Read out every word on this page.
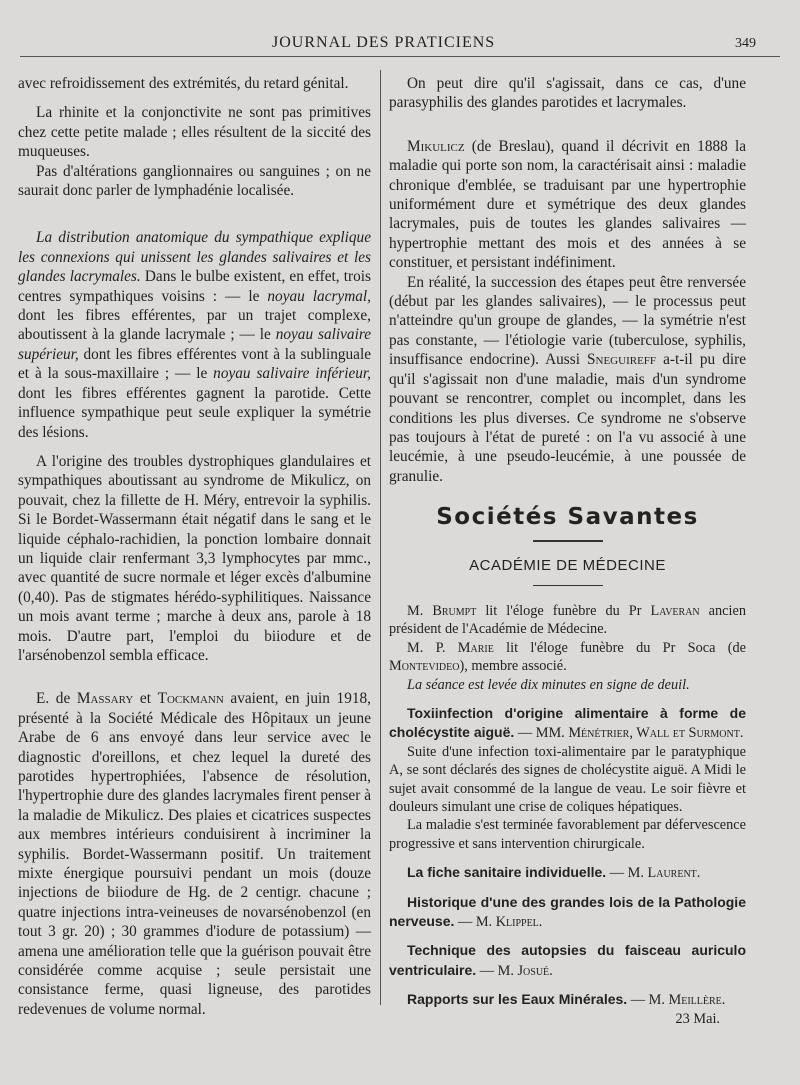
JOURNAL DES PRATICIENS	349

avec refroidissement des extrémités, du retard génital.

La rhinite et la conjonctivite ne sont pas primitives chez cette petite malade ; elles résultent de la siccité des muqueuses.

Pas d'altérations ganglionnaires ou sanguines ; on ne saurait donc parler de lymphadénie localisée.

La distribution anatomique du sympathique explique les connexions qui unissent les glandes salivaires et les glandes lacrymales. Dans le bulbe existent, en effet, trois centres sympathiques voisins : — le noyau lacrymal, dont les fibres efférentes, par un trajet complexe, aboutissent à la glande lacrymale ; — le noyau salivaire supérieur, dont les fibres efférentes vont à la sublinguale et à la sous-maxillaire ; — le noyau salivaire inférieur, dont les fibres efférentes gagnent la parotide. Cette influence sympathique peut seule expliquer la symétrie des lésions.

A l'origine des troubles dystrophiques glandulaires et sympathiques aboutissant au syndrome de Mikulicz, on pouvait, chez la fillette de H. Méry, entrevoir la syphilis. Si le Bordet-Wassermann était négatif dans le sang et le liquide céphalo-rachidien, la ponction lombaire donnait un liquide clair renfermant 3,3 lymphocytes par mmc., avec quantité de sucre normale et léger excès d'albumine (0,40). Pas de stigmates hérédo-syphilitiques. Naissance un mois avant terme ; marche à deux ans, parole à 18 mois. D'autre part, l'emploi du biiodure et de l'arsénobenzol sembla efficace.

E. de Massary et Tockmann avaient, en juin 1918, présenté à la Société Médicale des Hôpitaux un jeune Arabe de 6 ans envoyé dans leur service avec le diagnostic d'oreillons, et chez lequel la dureté des parotides hypertrophiées, l'absence de résolution, l'hypertrophie dure des glandes lacrymales firent penser à la maladie de Mikulicz. Des plaies et cicatrices suspectes aux membres intérieurs conduisirent à incriminer la syphilis. Bordet-Wassermann positif. Un traitement mixte énergique poursuivi pendant un mois (douze injections de biiodure de Hg. de 2 centigr. chacune ; quatre injections intra-veineuses de novarsénobenzol (en tout 3 gr. 20) ; 30 grammes d'iodure de potassium) — amena une amélioration telle que la guérison pouvait être considérée comme acquise ; seule persistait une consistance ferme, quasi ligneuse, des parotides redevenues de volume normal.

On peut dire qu'il s'agissait, dans ce cas, d'une parasyphilis des glandes parotides et lacrymales.

Mikulicz (de Breslau), quand il décrivit en 1888 la maladie qui porte son nom, la caractérisait ainsi : maladie chronique d'emblée, se traduisant par une hypertrophie uniformément dure et symétrique des deux glandes lacrymales, puis de toutes les glandes salivaires — hypertrophie mettant des mois et des années à se constituer, et persistant indéfiniment.

En réalité, la succession des étapes peut être renversée (début par les glandes salivaires), — le processus peut n'atteindre qu'un groupe de glandes, — la symétrie n'est pas constante, — l'étiologie varie (tuberculose, syphilis, insuffisance endocrine). Aussi Sneguireff a-t-il pu dire qu'il s'agissait non d'une maladie, mais d'un syndrome pouvant se rencontrer, complet ou incomplet, dans les conditions les plus diverses. Ce syndrome ne s'observe pas toujours à l'état de pureté : on l'a vu associé à une leucémie, à une pseudo-leucémie, à une poussée de granulie.

Sociétés Savantes
ACADÉMIE DE MÉDECINE

M. Brumpt lit l'éloge funèbre du Pr Laveran ancien président de l'Académie de Médecine.

M. P. Marie lit l'éloge funèbre du Pr Soca (de Montevideo), membre associé.

La séance est levée dix minutes en signe de deuil.

Toxiinfection d'origine alimentaire à forme de cholécystite aiguë. — MM. Ménétrier, Wall et Surmont.

Suite d'une infection toxi-alimentaire par le paratyphique A, se sont déclarés des signes de cholécystite aiguë. A Midi le sujet avait consommé de la langue de veau. Le soir fièvre et douleurs simulant une crise de coliques hépatiques.

La maladie s'est terminée favorablement par défervescence progressive et sans intervention chirurgicale.

La fiche sanitaire individuelle. — M. Laurent.

Historique d'une des grandes lois de la Pathologie nerveuse. — M. Klippel.

Technique des autopsies du faisceau auriculo ventriculaire. — M. Josué.

Rapports sur les Eaux Minérales. — M. Meillère.

23 Mai.
